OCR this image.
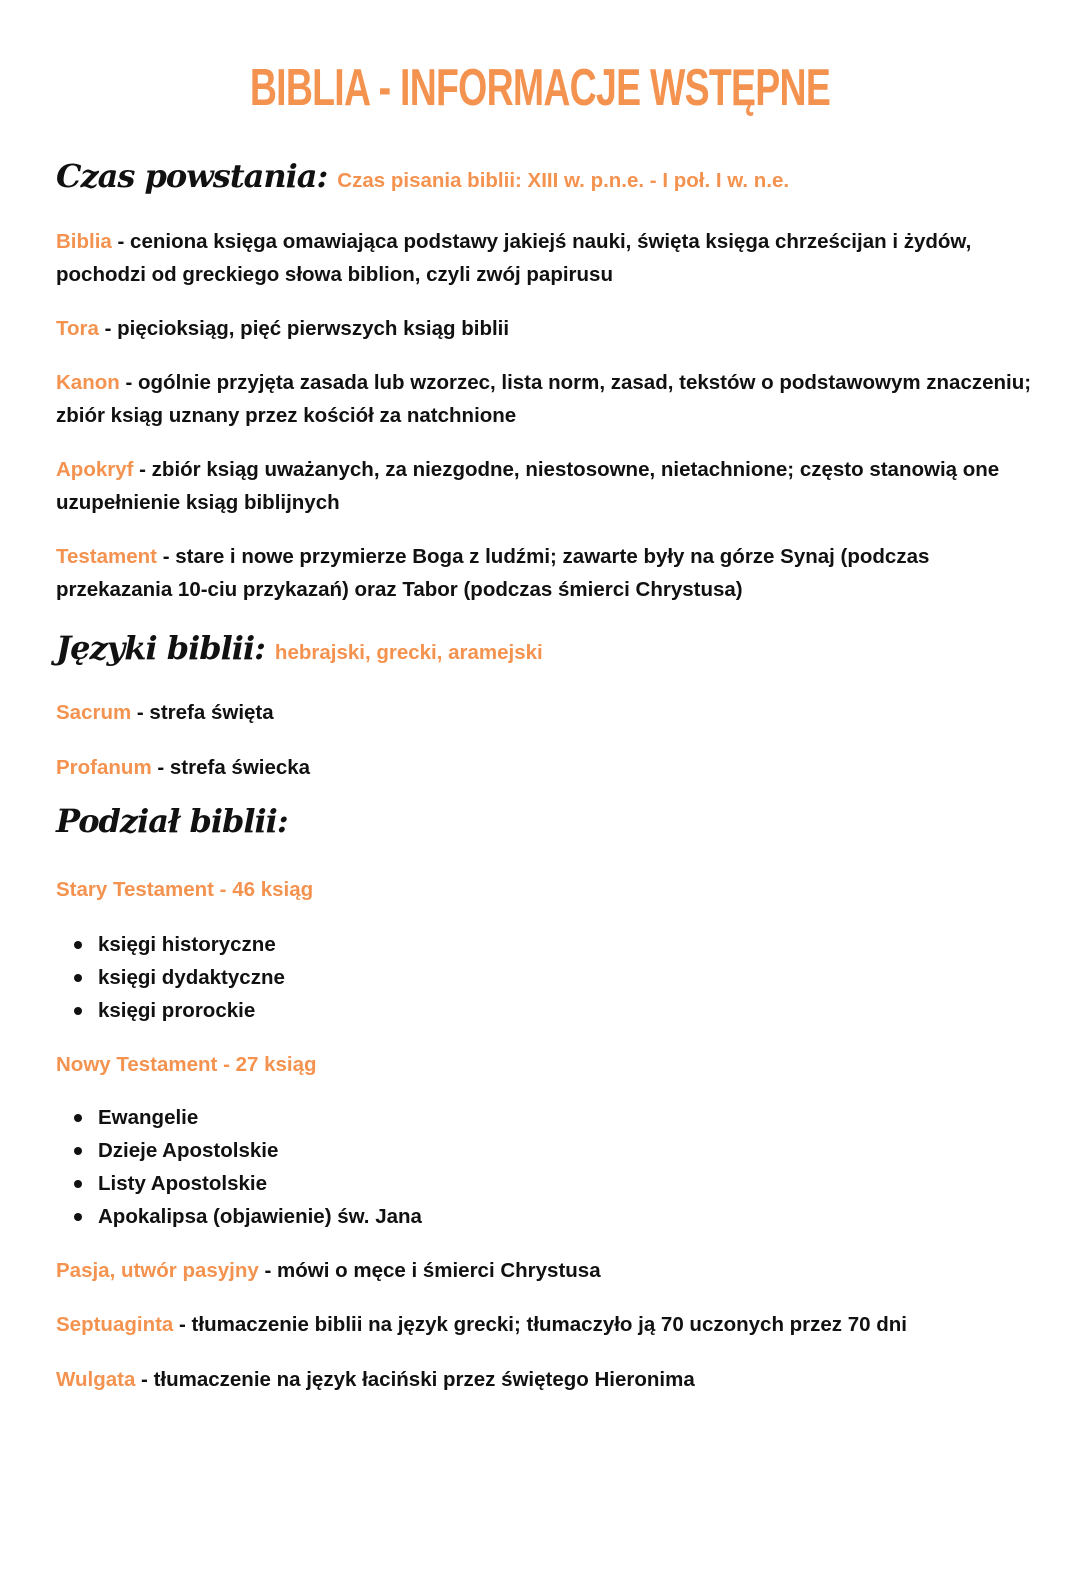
BIBLIA - INFORMACJE WSTĘPNE
Czas powstania: Czas pisania biblii: XIII w. p.n.e. - I poł. I w. n.e.
Biblia - ceniona księga omawiająca podstawy jakiejś nauki, święta księga chrześcijan i żydów, pochodzi od greckiego słowa biblion, czyli zwój papirusu
Tora - pięcioksiąg, pięć pierwszych ksiąg biblii
Kanon - ogólnie przyjęta zasada lub wzorzec, lista norm, zasad, tekstów o podstawowym znaczeniu; zbiór ksiąg uznany przez kościół za natchnione
Apokryf - zbiór ksiąg uważanych, za niezgodne, niestosowne, nietachnione; często stanowią one uzupełnienie ksiąg biblijnych
Testament - stare i nowe przymierze Boga z ludźmi; zawarte były na górze Synaj (podczas przekazania 10-ciu przykazań) oraz Tabor (podczas śmierci Chrystusa)
Języki biblii: hebrajski, grecki, aramejski
Sacrum - strefa święta
Profanum - strefa świecka
Podział biblii:
Stary Testament - 46 ksiąg
księgi historyczne
księgi dydaktyczne
księgi prorockie
Nowy Testament - 27 ksiąg
Ewangelie
Dzieje Apostolskie
Listy Apostolskie
Apokalipsa (objawienie) św. Jana
Pasja, utwór pasyjny - mówi o męce i śmierci Chrystusa
Septuaginta - tłumaczenie biblii na język grecki; tłumaczyło ją 70 uczonych przez 70 dni
Wulgata - tłumaczenie na język łaciński przez świętego Hieronima
